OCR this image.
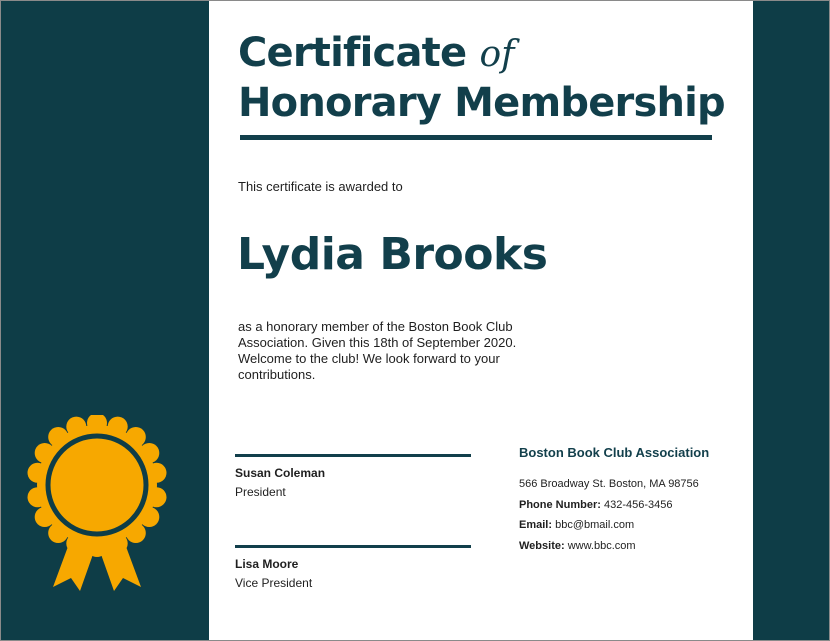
Certificate of
Honorary Membership
This certificate is awarded to
Lydia Brooks

as a honorary member of the Boston Book Club Association. Given this 18th of September 2020. Welcome to the club! We look forward to your contributions.

Susan Coleman
President
Lisa Moore
Vice President
Boston Book Club Association
566 Broadway St. Boston, MA 98756
Phone Number: 432-456-3456
Email: bbc@bmail.com
Website: www.bbc.com
